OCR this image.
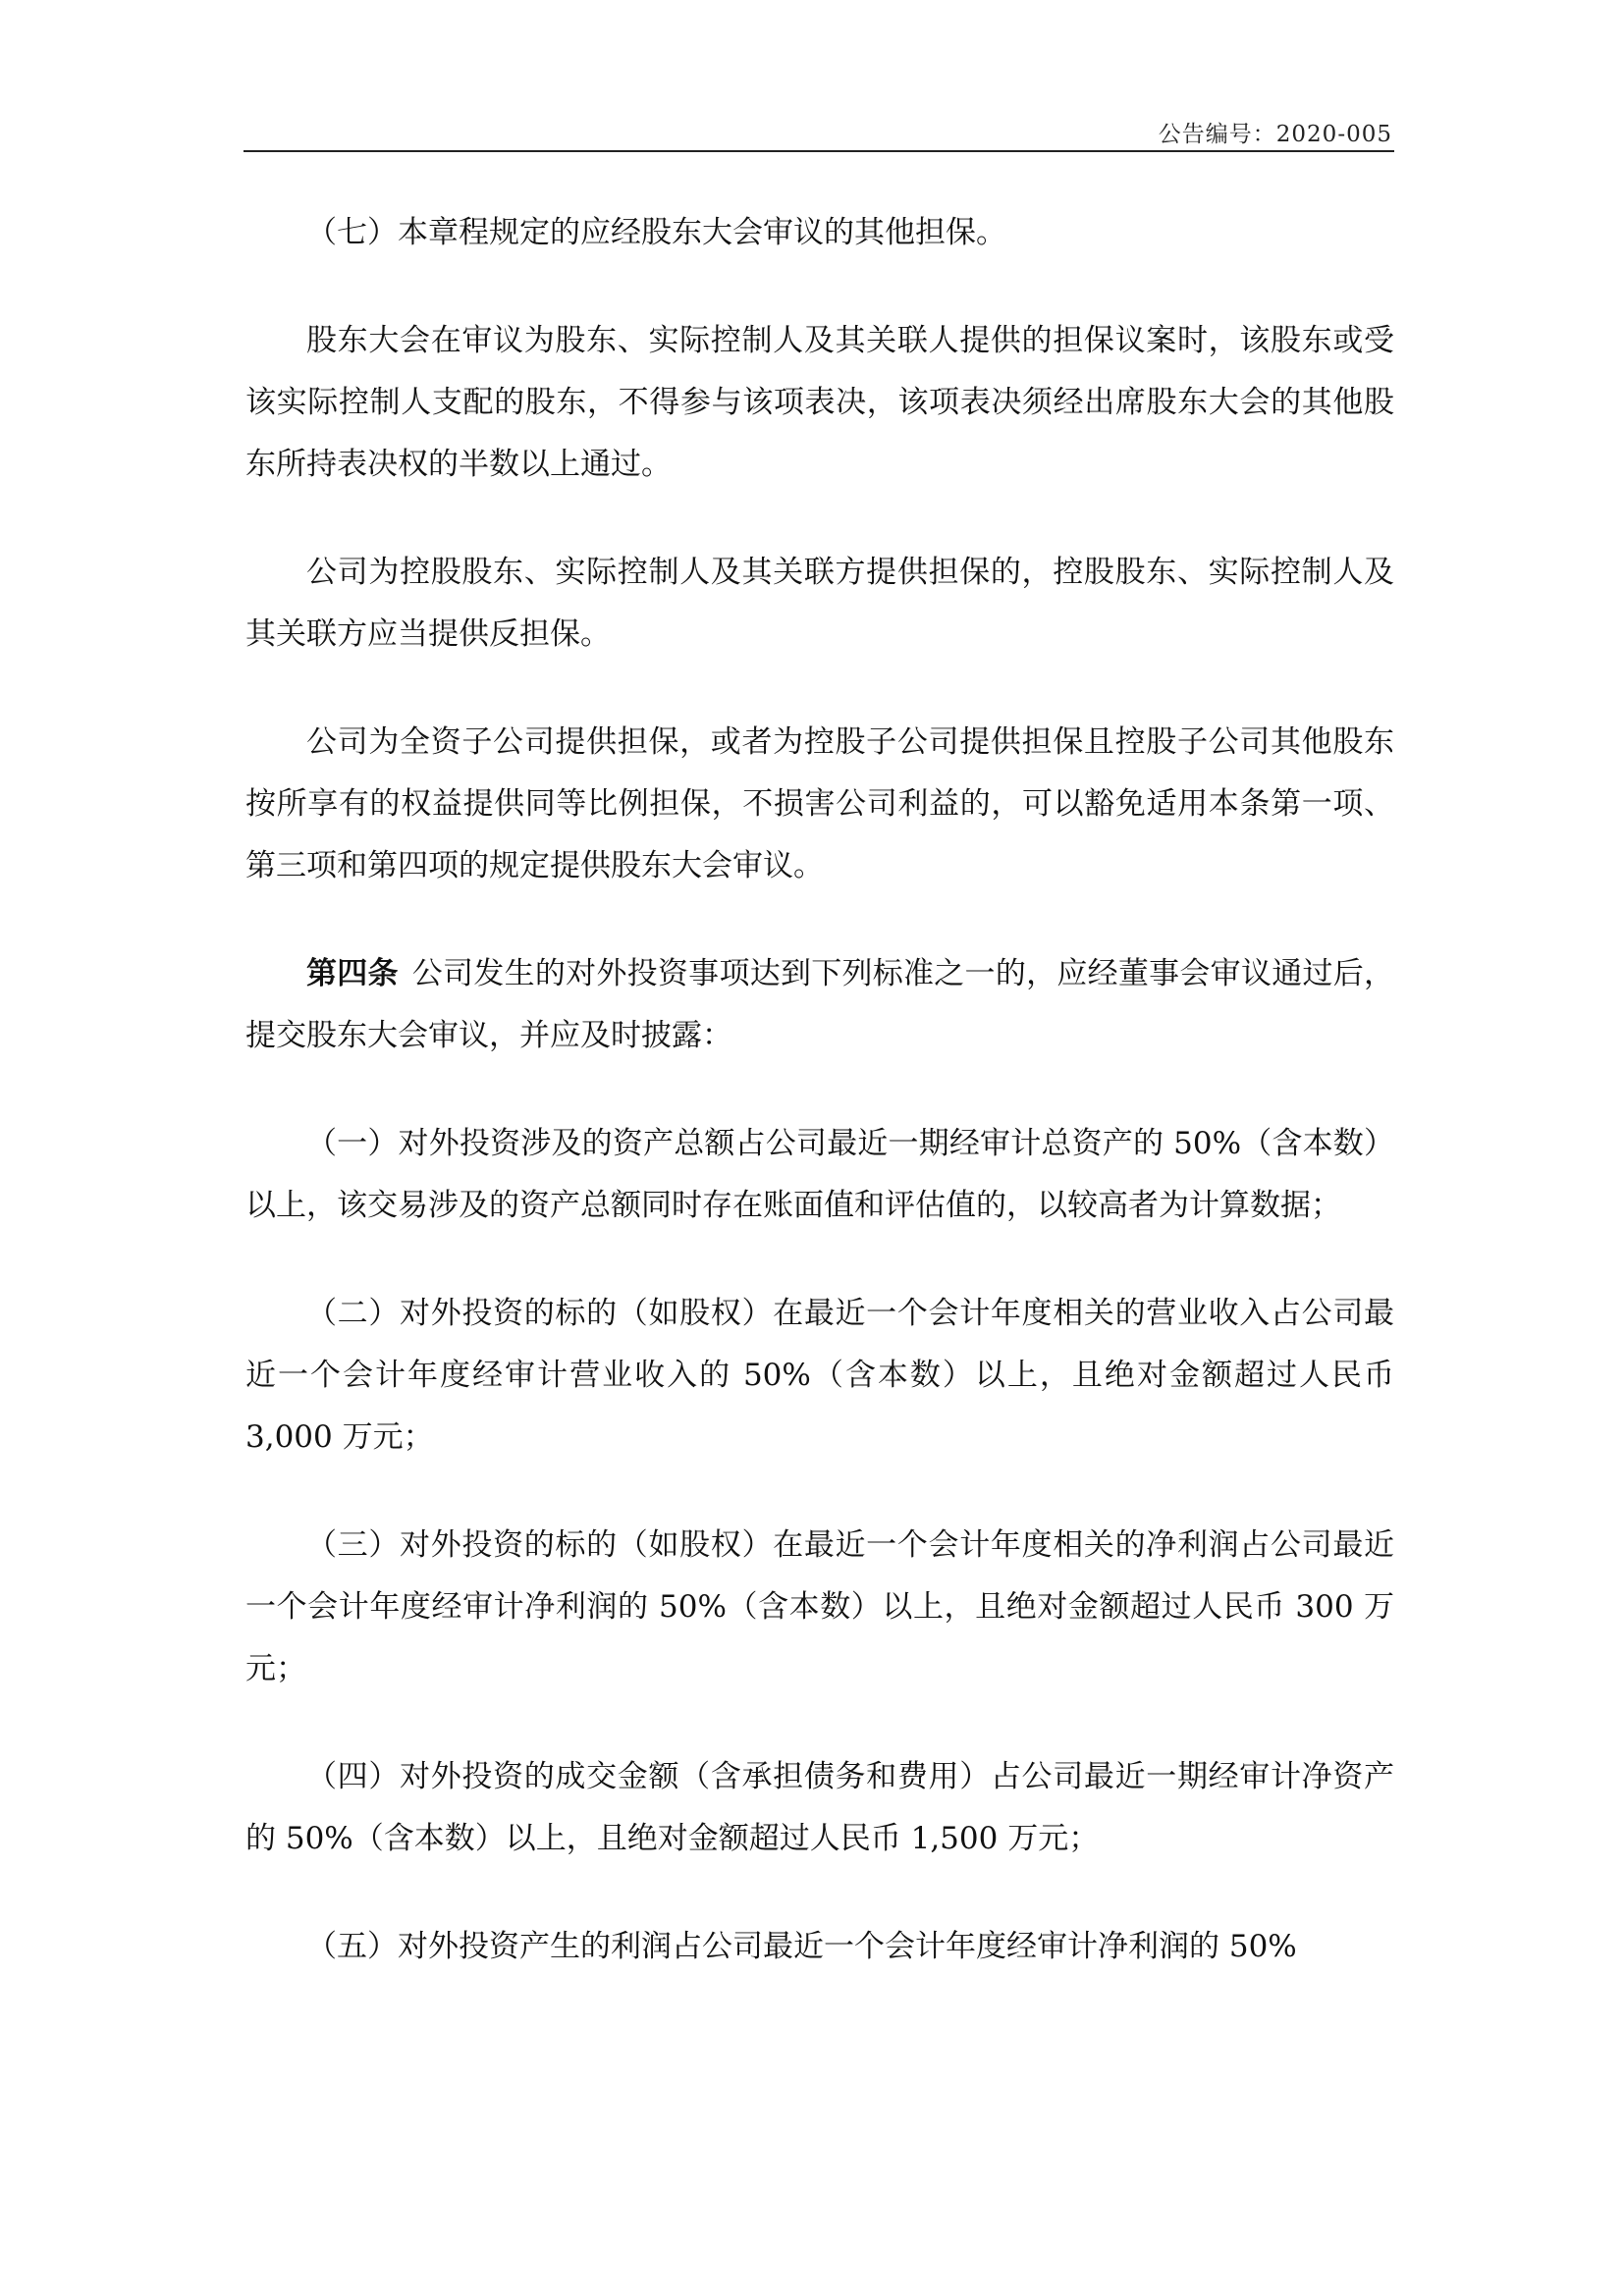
公告编号：2020-005

（七）本章程规定的应经股东大会审议的其他担保。

股东大会在审议为股东、实际控制人及其关联人提供的担保议案时，该股东或受该实际控制人支配的股东，不得参与该项表决，该项表决须经出席股东大会的其他股东所持表决权的半数以上通过。

公司为控股股东、实际控制人及其关联方提供担保的，控股股东、实际控制人及其关联方应当提供反担保。

公司为全资子公司提供担保，或者为控股子公司提供担保且控股子公司其他股东按所享有的权益提供同等比例担保，不损害公司利益的，可以豁免适用本条第一项、第三项和第四项的规定提供股东大会审议。

第四条 公司发生的对外投资事项达到下列标准之一的，应经董事会审议通过后，提交股东大会审议，并应及时披露：

（一）对外投资涉及的资产总额占公司最近一期经审计总资产的 50%（含本数）以上，该交易涉及的资产总额同时存在账面值和评估值的，以较高者为计算数据；

（二）对外投资的标的（如股权）在最近一个会计年度相关的营业收入占公司最近一个会计年度经审计营业收入的 50%（含本数）以上，且绝对金额超过人民币 3,000 万元；

（三）对外投资的标的（如股权）在最近一个会计年度相关的净利润占公司最近一个会计年度经审计净利润的 50%（含本数）以上，且绝对金额超过人民币 300 万元；

（四）对外投资的成交金额（含承担债务和费用）占公司最近一期经审计净资产的 50%（含本数）以上，且绝对金额超过人民币 1,500 万元；

（五）对外投资产生的利润占公司最近一个会计年度经审计净利润的 50%
